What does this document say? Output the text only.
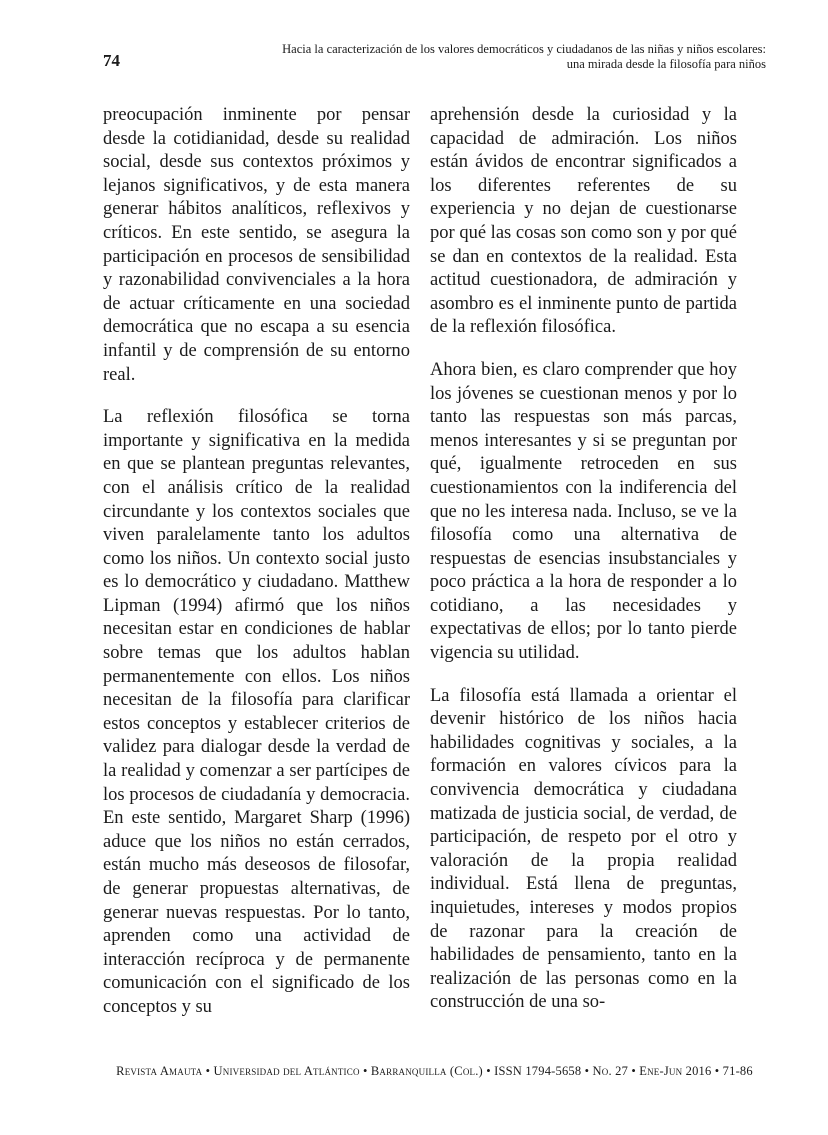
74
Hacia la caracterización de los valores democráticos y ciudadanos de las niñas y niños escolares:
una mirada desde la filosofía para niños

preocupación inminente por pensar desde la cotidianidad, desde su realidad social, desde sus contextos próximos y lejanos significativos, y de esta manera generar hábitos analíticos, reflexivos y críticos. En este sentido, se asegura la participación en procesos de sensibilidad y razonabilidad convivenciales a la hora de actuar críticamente en una sociedad democrática que no escapa a su esencia infantil y de comprensión de su entorno real.

La reflexión filosófica se torna importante y significativa en la medida en que se plantean preguntas relevantes, con el análisis crítico de la realidad circundante y los contextos sociales que viven paralelamente tanto los adultos como los niños. Un contexto social justo es lo democrático y ciudadano. Matthew Lipman (1994) afirmó que los niños necesitan estar en condiciones de hablar sobre temas que los adultos hablan permanentemente con ellos. Los niños necesitan de la filosofía para clarificar estos conceptos y establecer criterios de validez para dialogar desde la verdad de la realidad y comenzar a ser partícipes de los procesos de ciudadanía y democracia. En este sentido, Margaret Sharp (1996) aduce que los niños no están cerrados, están mucho más deseosos de filosofar, de generar propuestas alternativas, de generar nuevas respuestas. Por lo tanto, aprenden como una actividad de interacción recíproca y de permanente comunicación con el significado de los conceptos y su

aprehensión desde la curiosidad y la capacidad de admiración. Los niños están ávidos de encontrar significados a los diferentes referentes de su experiencia y no dejan de cuestionarse por qué las cosas son como son y por qué se dan en contextos de la realidad. Esta actitud cuestionadora, de admiración y asombro es el inminente punto de partida de la reflexión filosófica.

Ahora bien, es claro comprender que hoy los jóvenes se cuestionan menos y por lo tanto las respuestas son más parcas, menos interesantes y si se preguntan por qué, igualmente retroceden en sus cuestionamientos con la indiferencia del que no les interesa nada. Incluso, se ve la filosofía como una alternativa de respuestas de esencias insubstanciales y poco práctica a la hora de responder a lo cotidiano, a las necesidades y expectativas de ellos; por lo tanto pierde vigencia su utilidad.

La filosofía está llamada a orientar el devenir histórico de los niños hacia habilidades cognitivas y sociales, a la formación en valores cívicos para la convivencia democrática y ciudadana matizada de justicia social, de verdad, de participación, de respeto por el otro y valoración de la propia realidad individual. Está llena de preguntas, inquietudes, intereses y modos propios de razonar para la creación de habilidades de pensamiento, tanto en la realización de las personas como en la construcción de una so-

Revista Amauta • Universidad del Atlántico • Barranquilla (Col.) • ISSN 1794-5658 • No. 27 • Ene-Jun 2016 • 71-86
